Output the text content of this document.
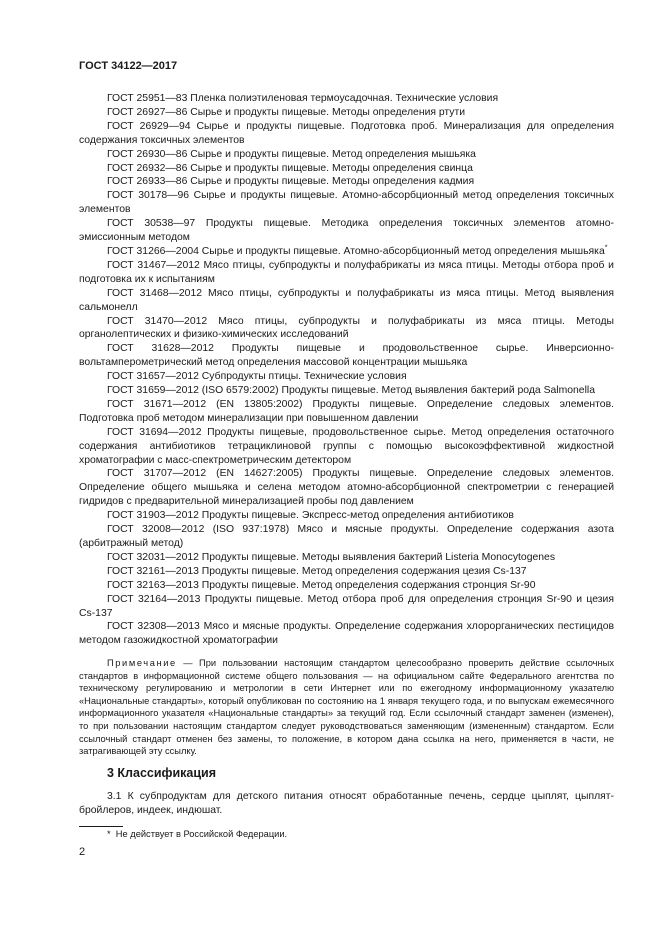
ГОСТ 34122—2017

ГОСТ 25951—83 Пленка полиэтиленовая термоусадочная. Технические условия

ГОСТ 26927—86 Сырье и продукты пищевые. Методы определения ртути

ГОСТ 26929—94 Сырье и продукты пищевые. Подготовка проб. Минерализация для определения содержания токсичных элементов

ГОСТ 26930—86 Сырье и продукты пищевые. Метод определения мышьяка

ГОСТ 26932—86 Сырье и продукты пищевые. Методы определения свинца

ГОСТ 26933—86 Сырье и продукты пищевые. Методы определения кадмия

ГОСТ 30178—96 Сырье и продукты пищевые. Атомно-абсорбционный метод определения токсичных элементов

ГОСТ 30538—97 Продукты пищевые. Методика определения токсичных элементов атомно-эмиссионным методом

ГОСТ 31266—2004 Сырье и продукты пищевые. Атомно-абсорбционный метод определения мышьяка*

ГОСТ 31467—2012 Мясо птицы, субпродукты и полуфабрикаты из мяса птицы. Методы отбора проб и подготовка их к испытаниям

ГОСТ 31468—2012 Мясо птицы, субпродукты и полуфабрикаты из мяса птицы. Метод выявления сальмонелл

ГОСТ 31470—2012 Мясо птицы, субпродукты и полуфабрикаты из мяса птицы. Методы органолептических и физико-химических исследований

ГОСТ 31628—2012 Продукты пищевые и продовольственное сырье. Инверсионно-вольтамперометрический метод определения массовой концентрации мышьяка

ГОСТ 31657—2012 Субпродукты птицы. Технические условия

ГОСТ 31659—2012 (ISO 6579:2002) Продукты пищевые. Метод выявления бактерий рода Salmonella

ГОСТ 31671—2012 (EN 13805:2002) Продукты пищевые. Определение следовых элементов. Подготовка проб методом минерализации при повышенном давлении

ГОСТ 31694—2012 Продукты пищевые, продовольственное сырье. Метод определения остаточного содержания антибиотиков тетрациклиновой группы с помощью высокоэффективной жидкостной хроматографии с масс-спектрометрическим детектором

ГОСТ 31707—2012 (EN 14627:2005) Продукты пищевые. Определение следовых элементов. Определение общего мышьяка и селена методом атомно-абсорбционной спектрометрии с генерацией гидридов с предварительной минерализацией пробы под давлением

ГОСТ 31903—2012 Продукты пищевые. Экспресс-метод определения антибиотиков

ГОСТ 32008—2012 (ISO 937:1978) Мясо и мясные продукты. Определение содержания азота (арбитражный метод)

ГОСТ 32031—2012 Продукты пищевые. Методы выявления бактерий Listeria Monocytogenes

ГОСТ 32161—2013 Продукты пищевые. Метод определения содержания цезия Cs-137

ГОСТ 32163—2013 Продукты пищевые. Метод определения содержания стронция Sr-90

ГОСТ 32164—2013 Продукты пищевые. Метод отбора проб для определения стронция Sr-90 и цезия Cs-137

ГОСТ 32308—2013 Мясо и мясные продукты. Определение содержания хлорорганических пестицидов методом газожидкостной хроматографии

Примечание — При пользовании настоящим стандартом целесообразно проверить действие ссылочных стандартов в информационной системе общего пользования — на официальном сайте Федерального агентства по техническому регулированию и метрологии в сети Интернет или по ежегодному информационному указателю «Национальные стандарты», который опубликован по состоянию на 1 января текущего года, и по выпускам ежемесячного информационного указателя «Национальные стандарты» за текущий год. Если ссылочный стандарт заменен (изменен), то при пользовании настоящим стандартом следует руководствоваться заменяющим (измененным) стандартом. Если ссылочный стандарт отменен без замены, то положение, в котором дана ссылка на него, применяется в части, не затрагивающей эту ссылку.

3 Классификация

3.1 К субпродуктам для детского питания относят обработанные печень, сердце цыплят, цыплят-бройлеров, индеек, индюшат.

* Не действует в Российской Федерации.
2
